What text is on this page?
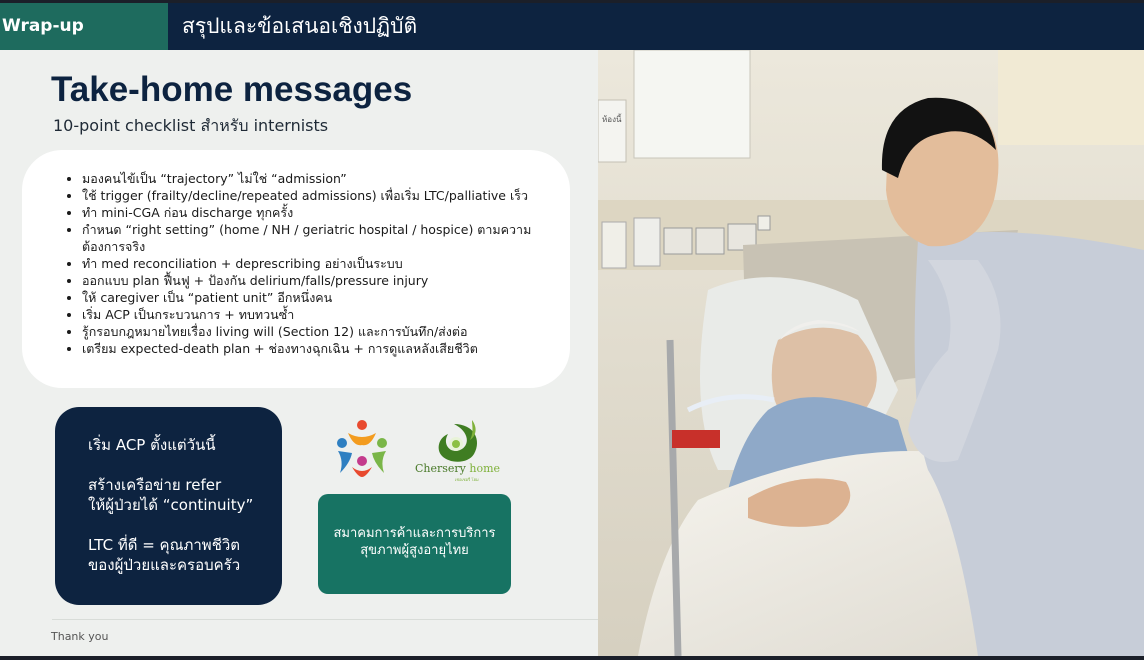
Wrap-up	สรุปและข้อเสนอเชิงปฏิบัติ
Take-home messages
10-point checklist สำหรับ internists
• มองคนไข้เป็น “trajectory” ไม่ใช่ “admission”
• ใช้ trigger (frailty/decline/repeated admissions) เพื่อเริ่ม LTC/palliative เร็ว
• ทำ mini-CGA ก่อน discharge ทุกครั้ง
• กำหนด “right setting” (home / NH / geriatric hospital / hospice) ตามความต้องการจริง
• ทำ med reconciliation + deprescribing อย่างเป็นระบบ
• ออกแบบ plan ฟื้นฟู + ป้องกัน delirium/falls/pressure injury
• ให้ caregiver เป็น “patient unit” อีกหนึ่งคน
• เริ่ม ACP เป็นกระบวนการ + ทบทวนซ้ำ
• รู้กรอบกฎหมายไทยเรื่อง living will (Section 12) และการบันทึก/ส่งต่อ
• เตรียม expected-death plan + ช่องทางฉุกเฉิน + การดูแลหลังเสียชีวิต
เริ่ม ACP ตั้งแต่วันนี้
สร้างเครือข่าย refer
ให้ผู้ป่วยได้ “continuity”
LTC ที่ดี = คุณภาพชีวิต
ของผู้ป่วยและครอบครัว
Chersery home
เชอเชอรี่ โฮม
สมาคมการค้าและการบริการ
สุขภาพผู้สูงอายุไทย
Thank you
ห้องนี้
